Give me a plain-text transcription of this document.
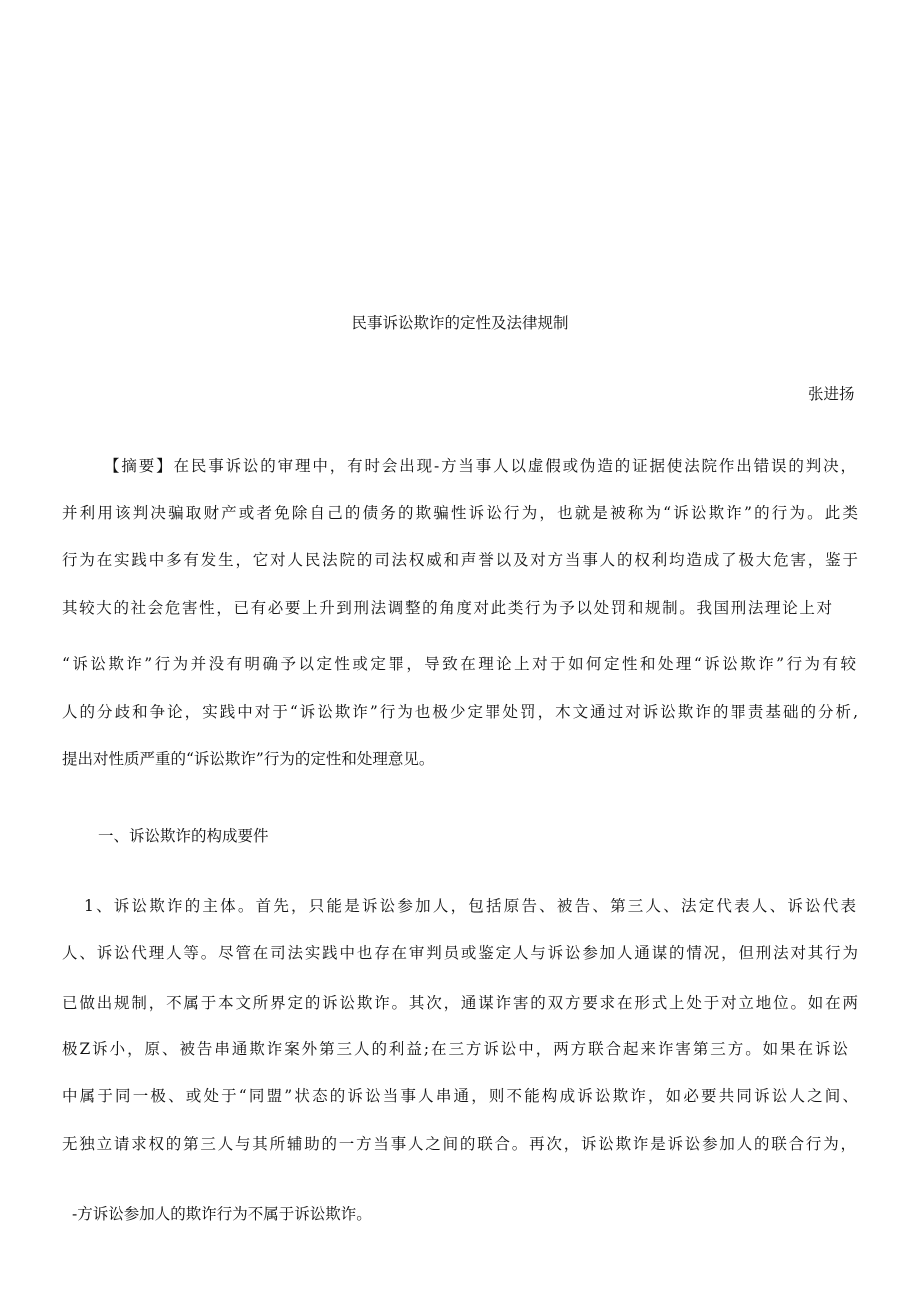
民事诉讼欺诈的定性及法律规制
张进扬
【摘要】在民事诉讼的审理中，有时会出现-方当事人以虚假或伪造的证据使法院作出错误的判决，
并利用该判决骗取财产或者免除自己的债务的欺骗性诉讼行为，也就是被称为“诉讼欺诈”的行为。此类
行为在实践中多有发生，它对人民法院的司法权威和声誉以及对方当事人的权利均造成了极大危害，鉴于
其较大的社会危害性，已有必要上升到刑法调整的角度对此类行为予以处罚和规制。我国刑法理论上对
“诉讼欺诈”行为并没有明确予以定性或定罪，导致在理论上对于如何定性和处理“诉讼欺诈”行为有较
人的分歧和争论，实践中对于“诉讼欺诈”行为也极少定罪处罚，木文通过对诉讼欺诈的罪责基础的分析,
提出对性质严重的“诉讼欺诈”行为的定性和处理意见。
一、诉讼欺诈的构成要件
1、诉讼欺诈的主体。首先，只能是诉讼参加人，包括原告、被告、第三人、法定代表人、诉讼代表
人、诉讼代理人等。尽管在司法实践中也存在审判员或鉴定人与诉讼参加人通谋的情况，但刑法对其行为
已做出规制，不属于本文所界定的诉讼欺诈。其次，通谋诈害的双方要求在形式上处于对立地位。如在两
极Z诉小，原、被告串通欺诈案外第三人的利益;在三方诉讼中，两方联合起来诈害第三方。如果在诉讼
中属于同一极、或处于“同盟”状态的诉讼当事人串通，则不能构成诉讼欺诈，如必要共同诉讼人之间、
无独立请求权的第三人与其所辅助的一方当事人之间的联合。再次，诉讼欺诈是诉讼参加人的联合行为，
-方诉讼参加人的欺诈行为不属于诉讼欺诈。
